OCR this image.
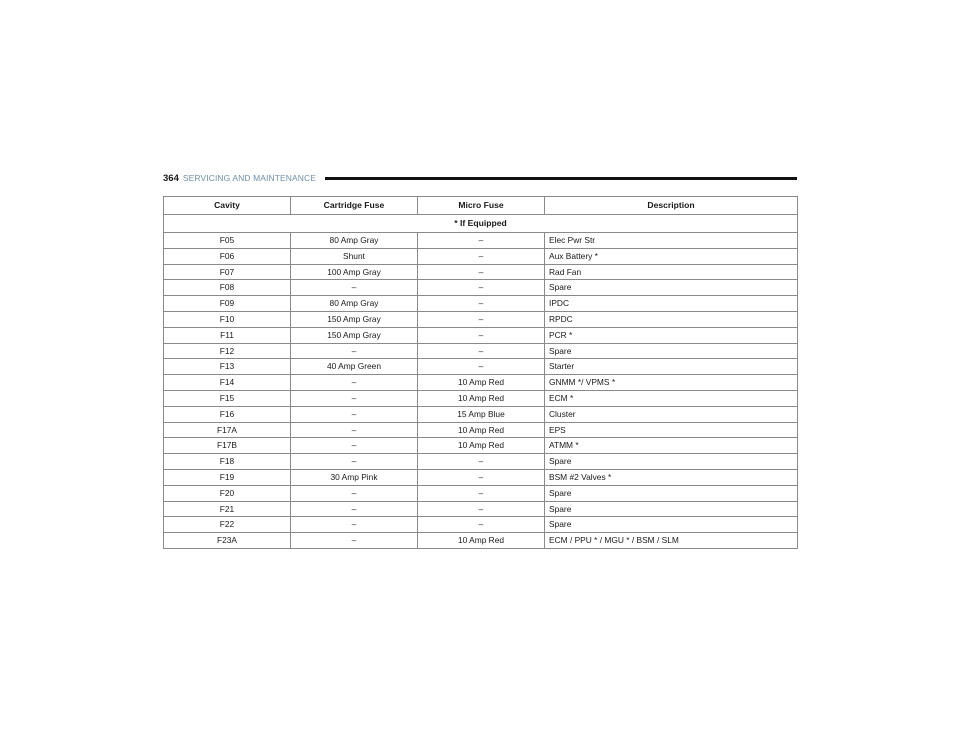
364 SERVICING AND MAINTENANCE
Cavity	Cartridge Fuse	Micro Fuse	Description
* If Equipped			
F05	80 Amp Gray	–	Elec Pwr Str
F06	Shunt	–	Aux Battery *
F07	100 Amp Gray	–	Rad Fan
F08	–	–	Spare
F09	80 Amp Gray	–	IPDC
F10	150 Amp Gray	–	RPDC
F11	150 Amp Gray	–	PCR *
F12	–	–	Spare
F13	40 Amp Green	–	Starter
F14	–	10 Amp Red	GNMM */ VPMS *
F15	–	10 Amp Red	ECM *
F16	–	15 Amp Blue	Cluster
F17A	–	10 Amp Red	EPS
F17B	–	10 Amp Red	ATMM *
F18	–	–	Spare
F19	30 Amp Pink	–	BSM #2 Valves *
F20	–	–	Spare
F21	–	–	Spare
F22	–	–	Spare
F23A	–	10 Amp Red	ECM / PPU * / MGU * / BSM / SLM
